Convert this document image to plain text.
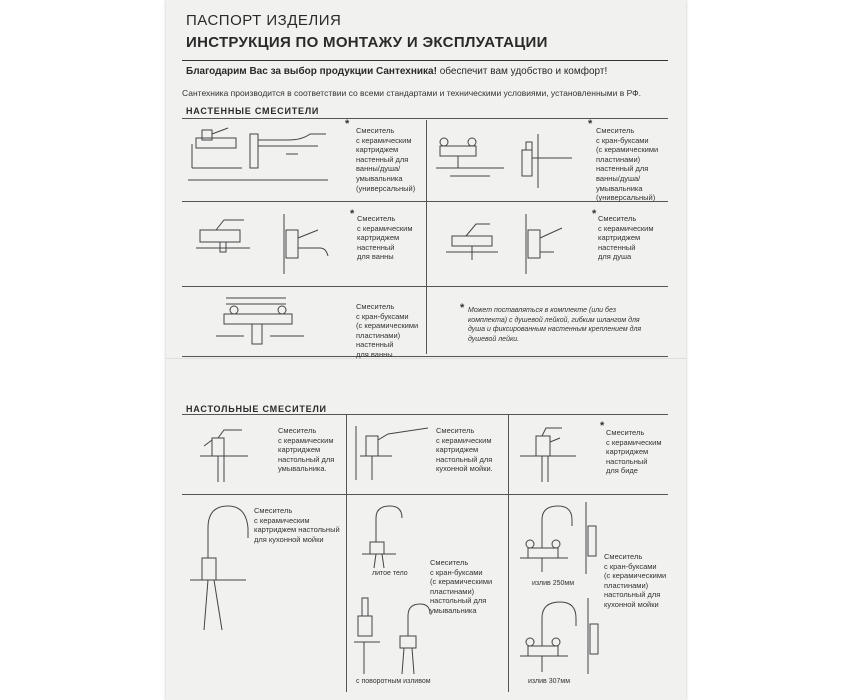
ПАСПОРТ ИЗДЕЛИЯ
ИНСТРУКЦИЯ ПО МОНТАЖУ И ЭКСПЛУАТАЦИИ
Благодарим Вас за выбор продукции Сантехника! обеспечит вам удобство и комфорт!
Сантехника производится в соответствии со всеми стандартами и техническими условиями, установленными в РФ.
НАСТЕННЫЕ СМЕСИТЕЛИ
*
Смеситель
с керамическим
картриджем
настенный для
ванны/душа/
умывальника
(универсальный)
*
Смеситель
с кран-буксами
(с керамическими
пластинами)
настенный для
ванны/душа/
умывальника
(универсальный)
* Смеситель
с керамическим
картриджем
настенный
для ванны
* Смеситель
с керамическим
картриджем
настенный
для душа
Смеситель
с кран-буксами
(с керамическими
пластинами)
настенный
для ванны
* Может поставляться в комплекте (или без
комплекта) с душевой лейкой, гибким шлангом для
душа и фиксированным настенным креплением для
душевой лейки.
НАСТОЛЬНЫЕ СМЕСИТЕЛИ
Смеситель
с керамическим
картриджем
настольный для
умывальника.
Смеситель
с керамическим
картриджем
настольный для
кухонной мойки.
*
Смеситель
с керамическим
картриджем
настольный
для биде
Смеситель
с керамическим
картриджем настольный
для кухонной мойки
литое тело
Смеситель
с кран-буксами
(с керамическими
пластинами)
настольный для
умывальника
с поворотным изливом
излив 250мм
Смеситель
с кран-буксами
(с керамическими
пластинами)
настольный для
кухонной мойки
излив 307мм
